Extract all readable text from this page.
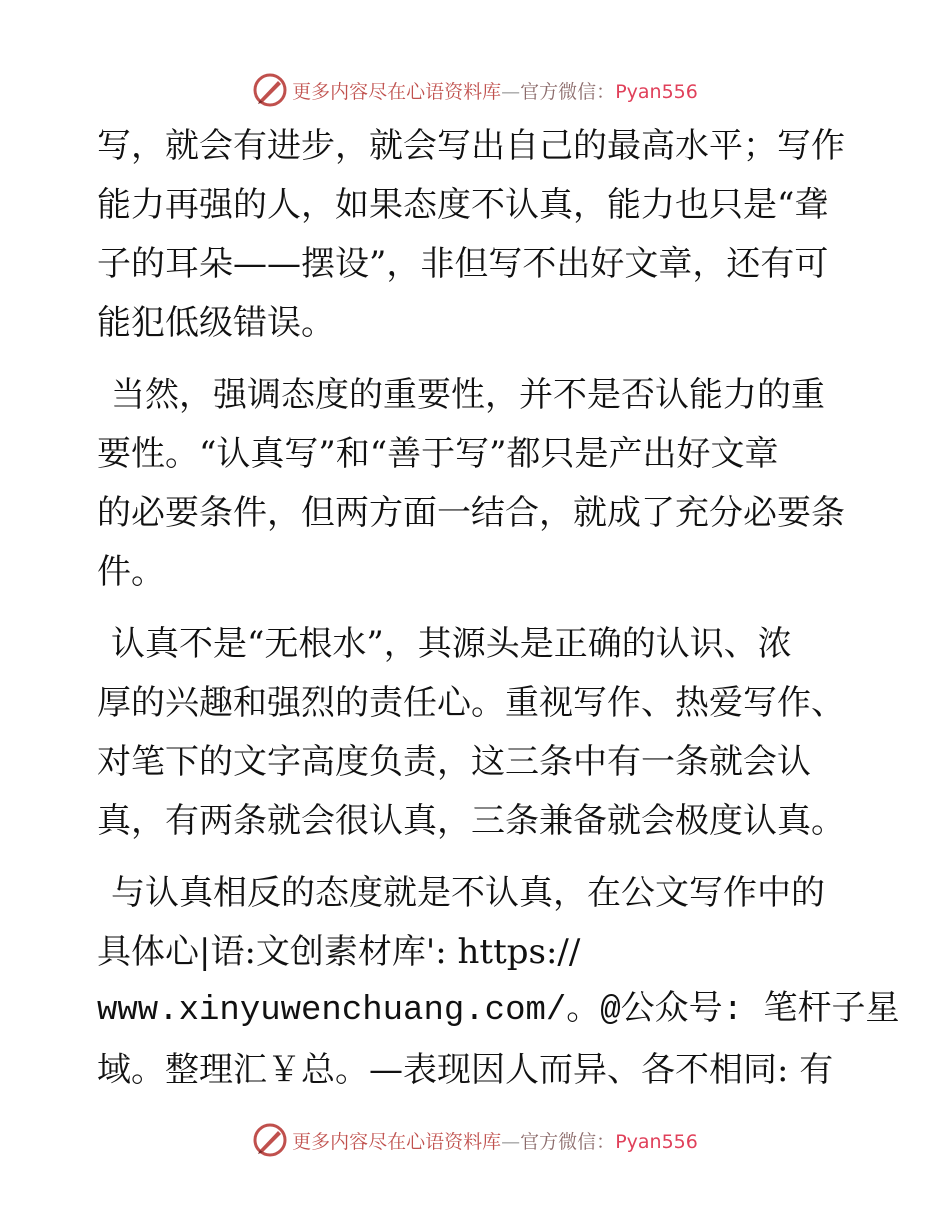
更多内容尽在心语资料库—官方微信：Pyan556
写，就会有进步，就会写出自己的最高水平；写作
能力再强的人，如果态度不认真，能力也只是“聋
子的耳朵——摆设”，非但写不出好文章，还有可
能犯低级错误。
当然，强调态度的重要性，并不是否认能力的重
要性。“认真写”和“善于写”都只是产出好文章
的必要条件，但两方面一结合，就成了充分必要条
件。
认真不是“无根水”，其源头是正确的认识、浓
厚的兴趣和强烈的责任心。重视写作、热爱写作、
对笔下的文字高度负责，这三条中有一条就会认
真，有两条就会很认真，三条兼备就会极度认真。
与认真相反的态度就是不认真，在公文写作中的
具体心|语:文创素材库': https://
www.xinyuwenchuang.com/。@公众号: 笔杆子星
域。整理汇￥总。—表现因人而异、各不相同: 有
更多内容尽在心语资料库—官方微信：Pyan556
